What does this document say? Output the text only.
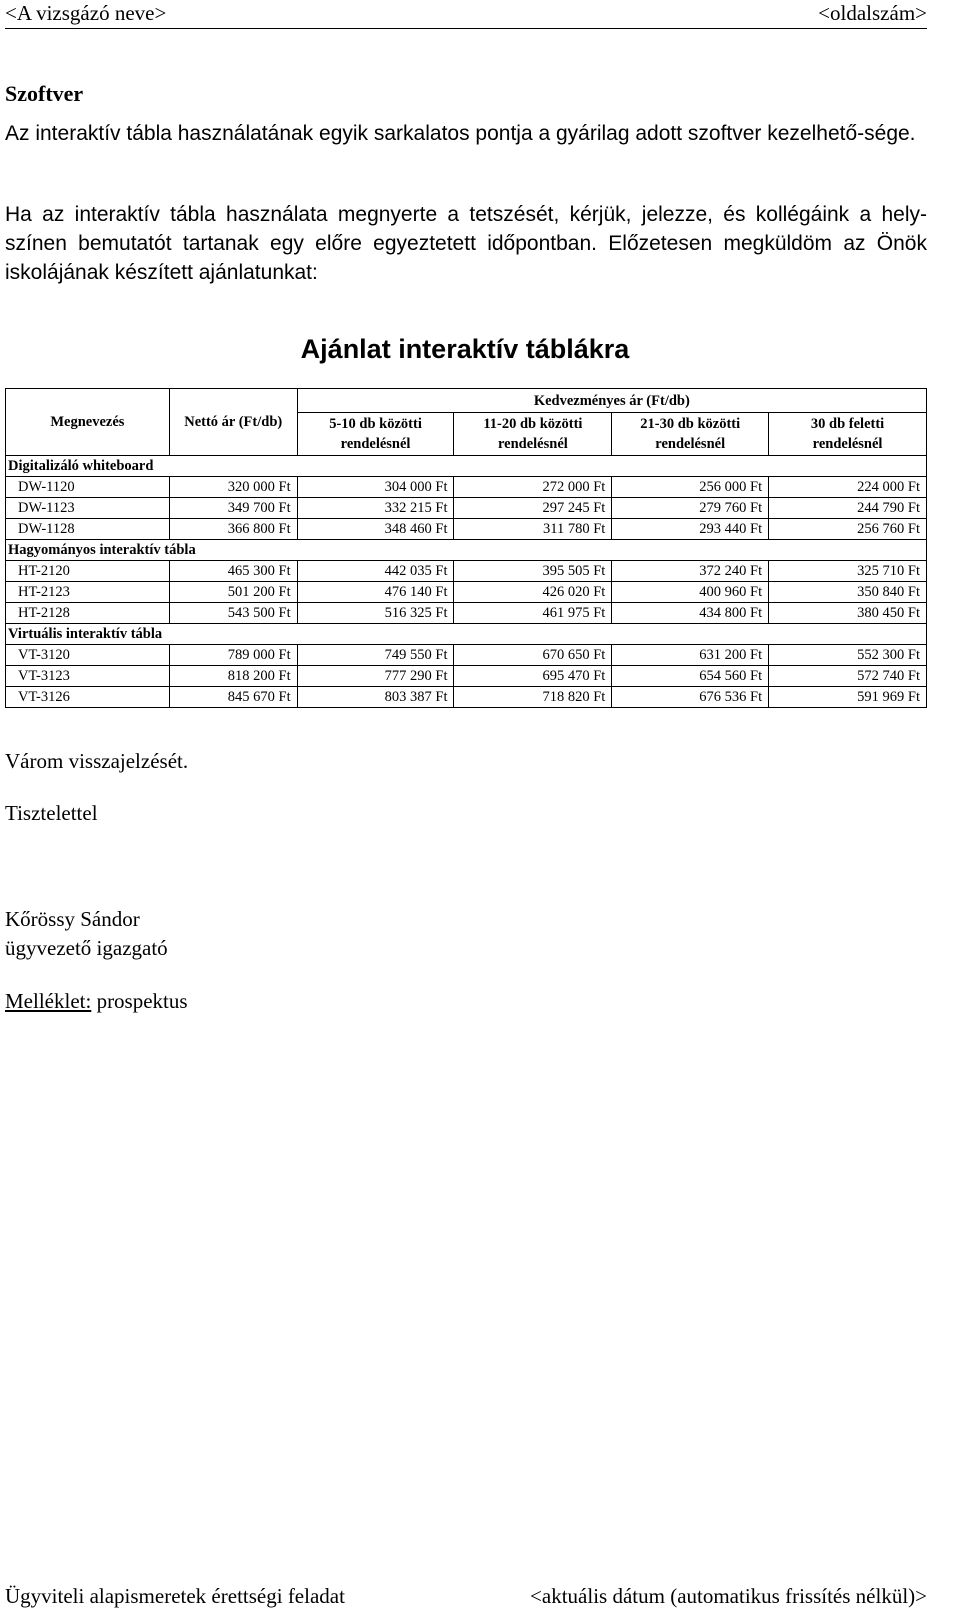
<A vizsgázó neve>	<oldalszám>
Szoftver
Az interaktív tábla használatának egyik sarkalatos pontja a gyárilag adott szoftver kezelhető-sége.
Ha az interaktív tábla használata megnyerte a tetszését, kérjük, jelezze, és kollégáink a hely-színen bemutatót tartanak egy előre egyeztetett időpontban. Előzetesen megküldöm az Önök iskolájának készített ajánlatunkat:
Ajánlat interaktív táblákra
Megnevezés	Nettó ár (Ft/db)	Kedvezményes ár (Ft/db)			
		5-10 db közötti rendelésnél	11-20 db közötti rendelésnél	21-30 db közötti rendelésnél	30 db feletti rendelésnél
Digitalizáló whiteboard					
DW-1120	320 000 Ft	304 000 Ft	272 000 Ft	256 000 Ft	224 000 Ft
DW-1123	349 700 Ft	332 215 Ft	297 245 Ft	279 760 Ft	244 790 Ft
DW-1128	366 800 Ft	348 460 Ft	311 780 Ft	293 440 Ft	256 760 Ft
Hagyományos interaktív tábla					
HT-2120	465 300 Ft	442 035 Ft	395 505 Ft	372 240 Ft	325 710 Ft
HT-2123	501 200 Ft	476 140 Ft	426 020 Ft	400 960 Ft	350 840 Ft
HT-2128	543 500 Ft	516 325 Ft	461 975 Ft	434 800 Ft	380 450 Ft
Virtuális interaktív tábla					
VT-3120	789 000 Ft	749 550 Ft	670 650 Ft	631 200 Ft	552 300 Ft
VT-3123	818 200 Ft	777 290 Ft	695 470 Ft	654 560 Ft	572 740 Ft
VT-3126	845 670 Ft	803 387 Ft	718 820 Ft	676 536 Ft	591 969 Ft
Várom visszajelzését.
Tisztelettel
Kőrössy Sándor
ügyvezető igazgató
Melléklet: prospektus
Ügyviteli alapismeretek érettségi feladat	<aktuális dátum (automatikus frissítés nélkül)>
